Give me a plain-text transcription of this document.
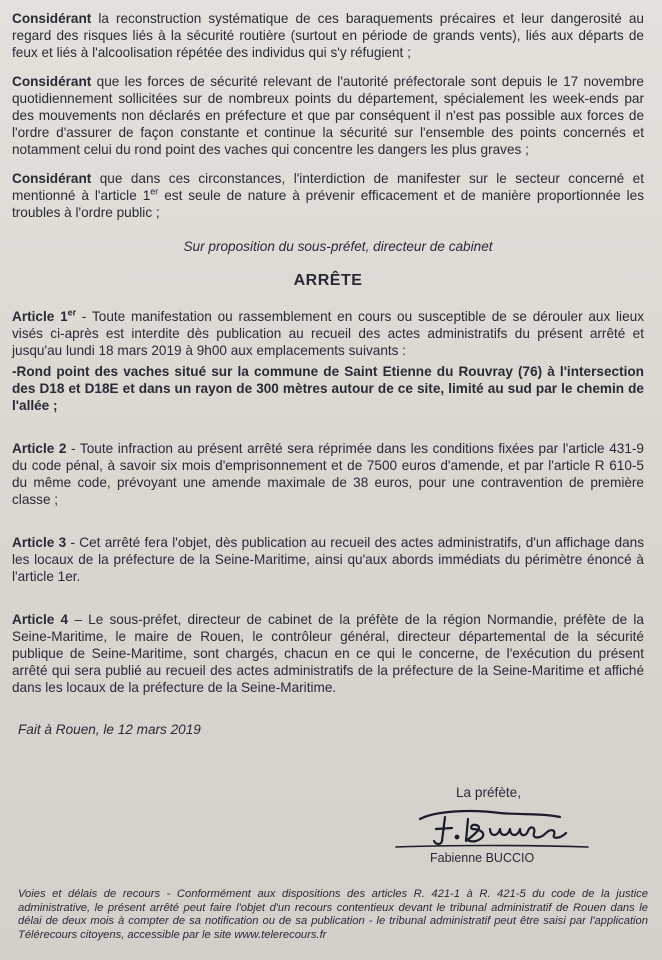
Considérant la reconstruction systématique de ces baraquements précaires et leur dangerosité au regard des risques liés à la sécurité routière (surtout en période de grands vents), liés aux départs de feux et liés à l'alcoolisation répétée des individus qui s'y réfugient ;

Considérant que les forces de sécurité relevant de l'autorité préfectorale sont depuis le 17 novembre quotidiennement sollicitées sur de nombreux points du département, spécialement les week-ends par des mouvements non déclarés en préfecture et que par conséquent il n'est pas possible aux forces de l'ordre d'assurer de façon constante et continue la sécurité sur l'ensemble des points concernés et notamment celui du rond point des vaches qui concentre les dangers les plus graves ;

Considérant que dans ces circonstances, l'interdiction de manifester sur le secteur concerné et mentionné à l'article 1er est seule de nature à prévenir efficacement et de manière proportionnée les troubles à l'ordre public ;

Sur proposition du sous-préfet, directeur de cabinet

ARRÊTE

Article 1er - Toute manifestation ou rassemblement en cours ou susceptible de se dérouler aux lieux visés ci-après est interdite dès publication au recueil des actes administratifs du présent arrêté et jusqu'au lundi 18 mars 2019 à 9h00 aux emplacements suivants :

-Rond point des vaches situé sur la commune de Saint Etienne du Rouvray (76) à l'intersection des D18 et D18E et dans un rayon de 300 mètres autour de ce site, limité au sud par le chemin de l'allée ;

Article 2 - Toute infraction au présent arrêté sera réprimée dans les conditions fixées par l'article 431-9 du code pénal, à savoir six mois d'emprisonnement et de 7500 euros d'amende, et par l'article R 610-5 du même code, prévoyant une amende maximale de 38 euros, pour une contravention de première classe ;

Article 3 - Cet arrêté fera l'objet, dès publication au recueil des actes administratifs, d'un affichage dans les locaux de la préfecture de la Seine-Maritime, ainsi qu'aux abords immédiats du périmètre énoncé à l'article 1er.

Article 4 – Le sous-préfet, directeur de cabinet de la préfète de la région Normandie, préfète de la Seine-Maritime, le maire de Rouen, le contrôleur général, directeur départemental de la sécurité publique de Seine-Maritime, sont chargés, chacun en ce qui le concerne, de l'exécution du présent arrêté qui sera publié au recueil des actes administratifs de la préfecture de la Seine-Maritime et affiché dans les locaux de la préfecture de la Seine-Maritime.

Fait à Rouen, le 12 mars 2019

La préfète,
Fabienne BUCCIO

Voies et délais de recours - Conformément aux dispositions des articles R. 421-1 à R. 421-5 du code de la justice administrative, le présent arrêté peut faire l'objet d'un recours contentieux devant le tribunal administratif de Rouen dans le délai de deux mois à compter de sa notification ou de sa publication - le tribunal administratif peut être saisi par l'application Télérecours citoyens, accessible par le site www.telerecours.fr
